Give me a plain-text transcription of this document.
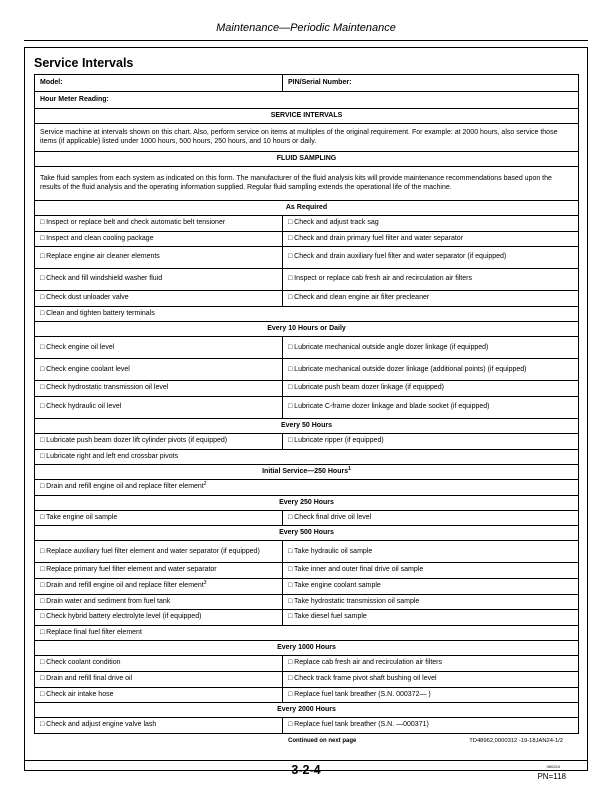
Maintenance—Periodic Maintenance
Service Intervals
Model:	PIN/Serial Number:
Hour Meter Reading:	
SERVICE INTERVALS	
Service machine at intervals shown on this chart. Also, perform service on items at multiples of the original requirement. For example: at 2000 hours, also service those items (if applicable) listed under 1000 hours, 500 hours, 250 hours, and 10 hours or daily.	
FLUID SAMPLING	
Take fluid samples from each system as indicated on this form. The manufacturer of the fluid analysis kits will provide maintenance recommendations based upon the results of the fluid analysis and the operating information supplied. Regular fluid sampling extends the operational life of the machine.	
As Required	
□ Inspect or replace belt and check automatic belt tensioner	□ Check and adjust track sag
□ Inspect and clean cooling package	□ Check and drain primary fuel filter and water separator
□ Replace engine air cleaner elements	□ Check and drain auxiliary fuel filter and water separator (if equipped)
□ Check and fill windshield washer fluid	□ Inspect or replace cab fresh air and recirculation air filters
□ Check dust unloader valve	□ Check and clean engine air filter precleaner
□ Clean and tighten battery terminals	
Every 10 Hours or Daily	
□ Check engine oil level	□ Lubricate mechanical outside angle dozer linkage (if equipped)
□ Check engine coolant level	□ Lubricate mechanical outside dozer linkage (additional points) (if equipped)
□ Check hydrostatic transmission oil level	□ Lubricate push beam dozer linkage (if equipped)
□ Check hydraulic oil level	□ Lubricate C-frame dozer linkage and blade socket (if equipped)
Every 50 Hours	
□ Lubricate push beam dozer lift cylinder pivots (if equipped)	□ Lubricate ripper (if equipped)
□ Lubricate right and left end crossbar pivots	
Initial Service—250 Hours$^1$
□ Drain and refill engine oil and replace filter element$^2$
Every 250 Hours	
□ Take engine oil sample	□ Check final drive oil level
Every 500 Hours	
□ Replace auxiliary fuel filter element and water separator (if equipped)	□ Take hydraulic oil sample
□ Replace primary fuel filter element and water separator	□ Take inner and outer final drive oil sample
□ Drain and refill engine oil and replace filter element$^3$	□ Take engine coolant sample
□ Drain water and sediment from fuel tank	□ Take hydrostatic transmission oil sample
□ Check hybrid battery electrolyte level (if equipped)	□ Take diesel fuel sample
□ Replace final fuel filter element	
Every 1000 Hours	
□ Check coolant condition	□ Replace cab fresh air and recirculation air filters
□ Drain and refill final drive oil	□ Check track frame pivot shaft bushing oil level
□ Check air intake hose	□ Replace fuel tank breather (S.N. 000372— )
Every 2000 Hours	
□ Check and adjust engine valve lash	□ Replace fuel tank breather (S.N. —000371)
Continued on next page	TD48962,0000312 -19-18JAN24-1/2
3-2-4	060224
PN=118
